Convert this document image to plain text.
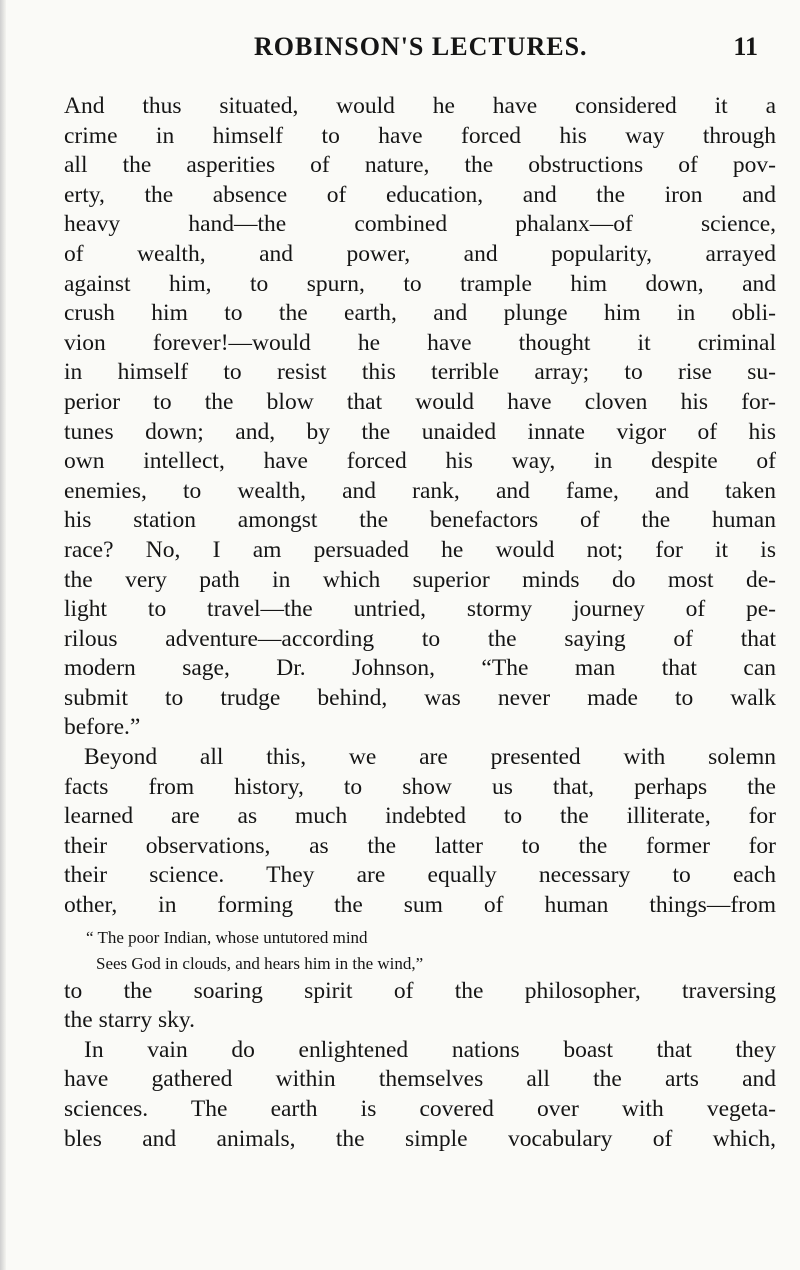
ROBINSON'S LECTURES.	11
And thus situated, would he have considered it a
crime in himself to have forced his way through
all the asperities of nature, the obstructions of pov-
erty, the absence of education, and the iron and
heavy hand—the combined phalanx—of science,
of wealth, and power, and popularity, arrayed
against him, to spurn, to trample him down, and
crush him to the earth, and plunge him in obli-
vion forever!—would he have thought it criminal
in himself to resist this terrible array; to rise su-
perior to the blow that would have cloven his for-
tunes down; and, by the unaided innate vigor of his
own intellect, have forced his way, in despite of
enemies, to wealth, and rank, and fame, and taken
his station amongst the benefactors of the human
race? No, I am persuaded he would not; for it is
the very path in which superior minds do most de-
light to travel—the untried, stormy journey of pe-
rilous adventure—according to the saying of that
modern sage, Dr. Johnson, “The man that can
submit to trudge behind, was never made to walk
before.”
Beyond all this, we are presented with solemn
facts from history, to show us that, perhaps the
learned are as much indebted to the illiterate, for
their observations, as the latter to the former for
their science. They are equally necessary to each
other, in forming the sum of human things—from
“ The poor Indian, whose untutored mind
Sees God in clouds, and hears him in the wind,”
to the soaring spirit of the philosopher, traversing
the starry sky.
In vain do enlightened nations boast that they
have gathered within themselves all the arts and
sciences. The earth is covered over with vegeta-
bles and animals, the simple vocabulary of which,
